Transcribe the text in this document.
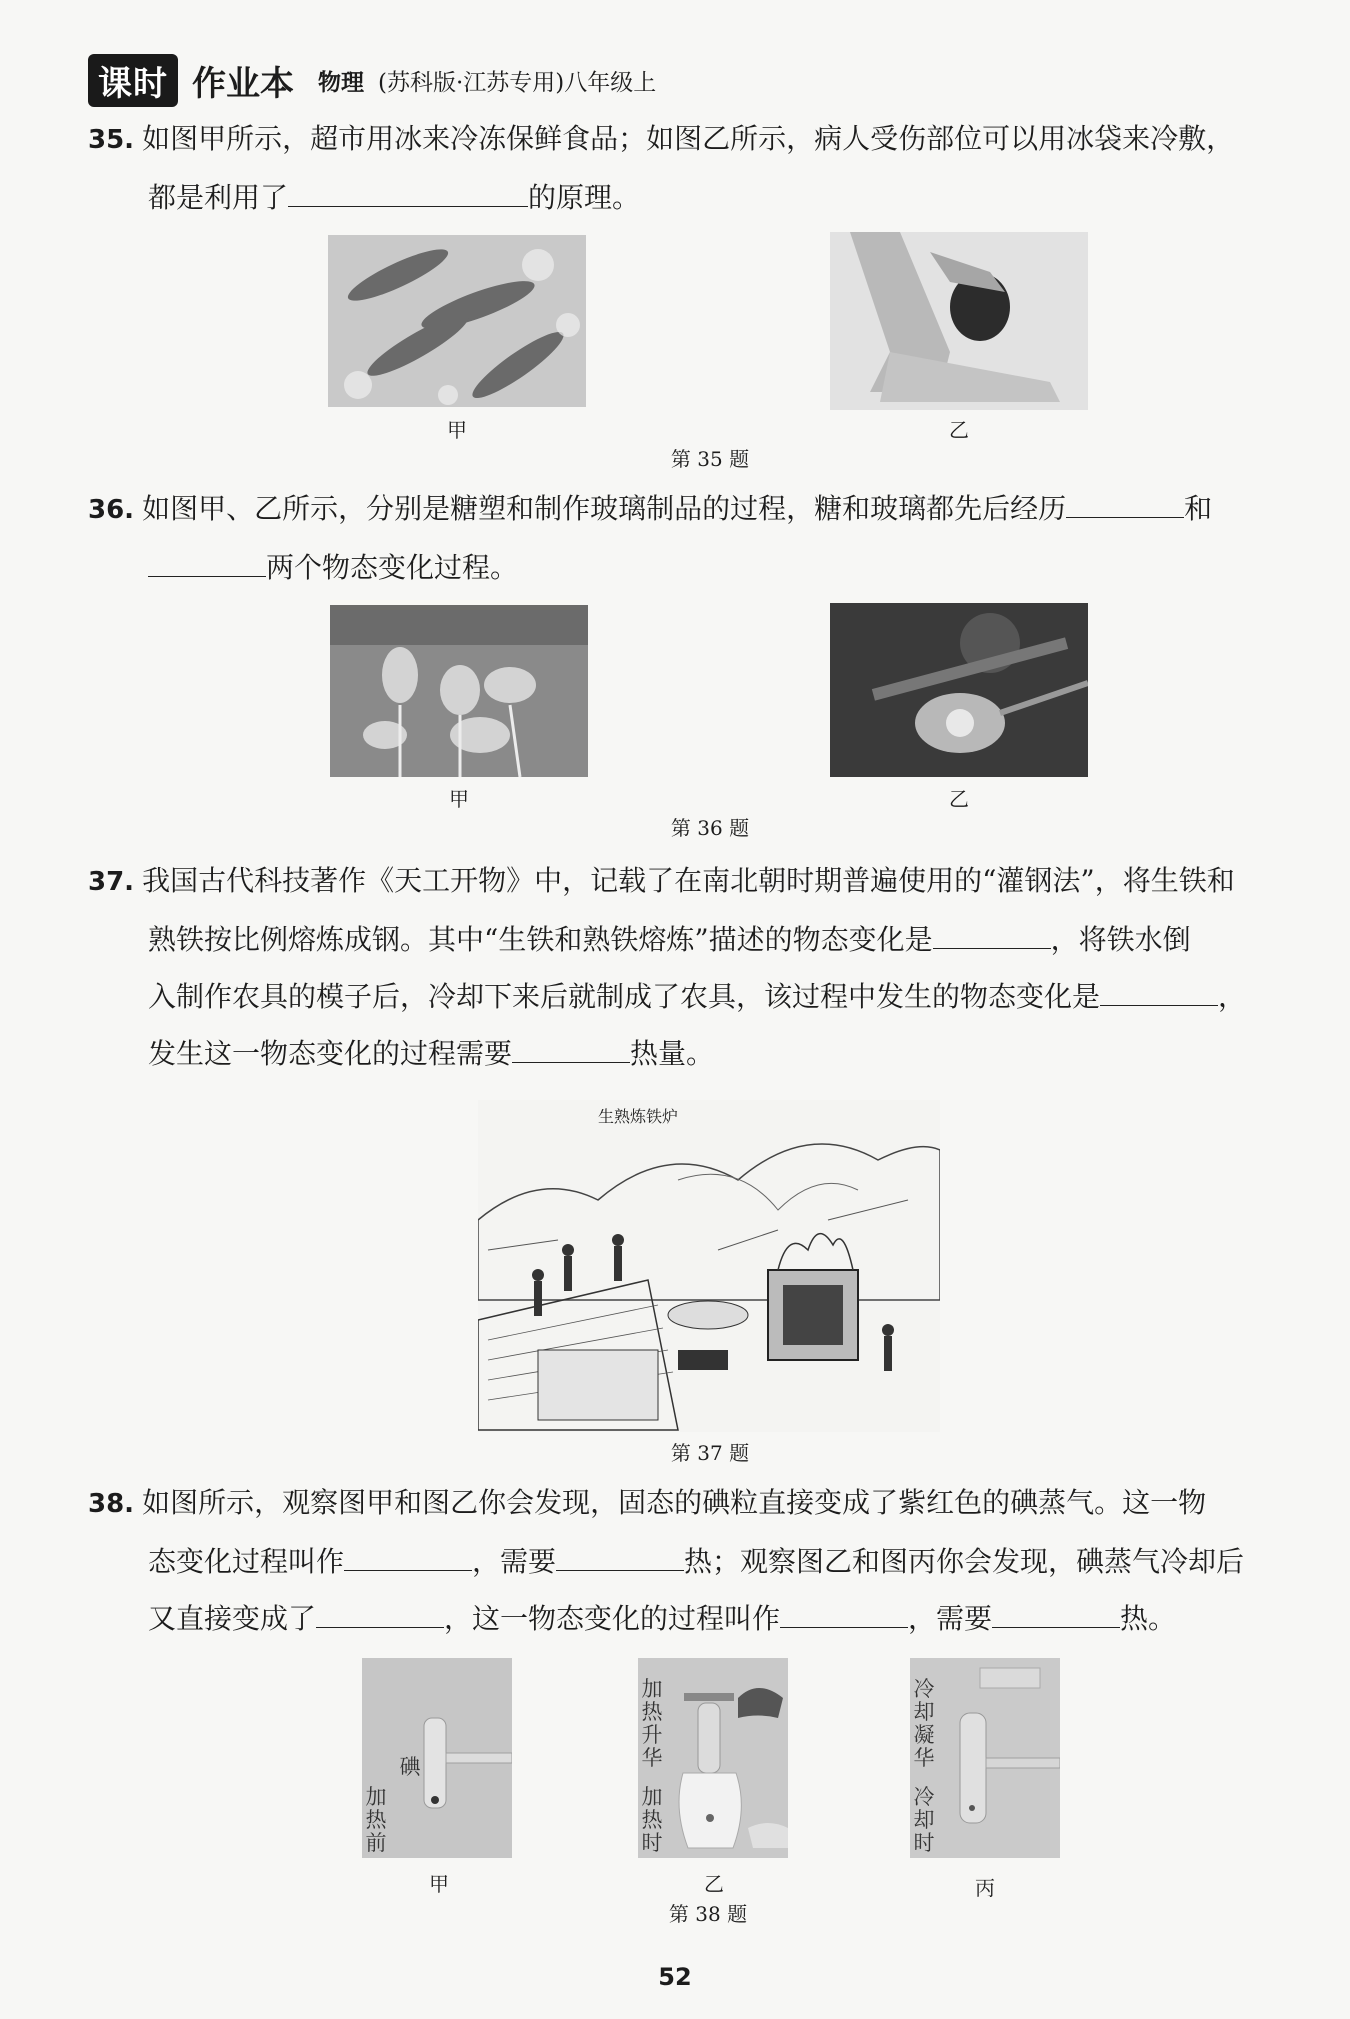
课时 作业本 物理 (苏科版·江苏专用)八年级上
35. 如图甲所示，超市用冰来冷冻保鲜食品；如图乙所示，病人受伤部位可以用冰袋来冷敷，
都是利用了	的原理。
甲	乙
第 35 题
36. 如图甲、乙所示，分别是糖塑和制作玻璃制品的过程，糖和玻璃都先后经历	和
两个物态变化过程。
甲	乙
第 36 题
37. 我国古代科技著作《天工开物》中，记载了在南北朝时期普遍使用的“灌钢法”，将生铁和
熟铁按比例熔炼成钢。其中“生铁和熟铁熔炼”描述的物态变化是	，将铁水倒
入制作农具的模子后，冷却下来后就制成了农具，该过程中发生的物态变化是	，
发生这一物态变化的过程需要	热量。
生熟炼铁炉
第 37 题
38. 如图所示，观察图甲和图乙你会发现，固态的碘粒直接变成了紫红色的碘蒸气。这一物
态变化过程叫作	，需要	热；观察图乙和图丙你会发现，碘蒸气冷却后
又直接变成了	，这一物态变化的过程叫作	，需要	热。
碘
加热前
甲
加热升华
加热时
乙
冷却凝华
冷却时
丙
第 38 题
52
